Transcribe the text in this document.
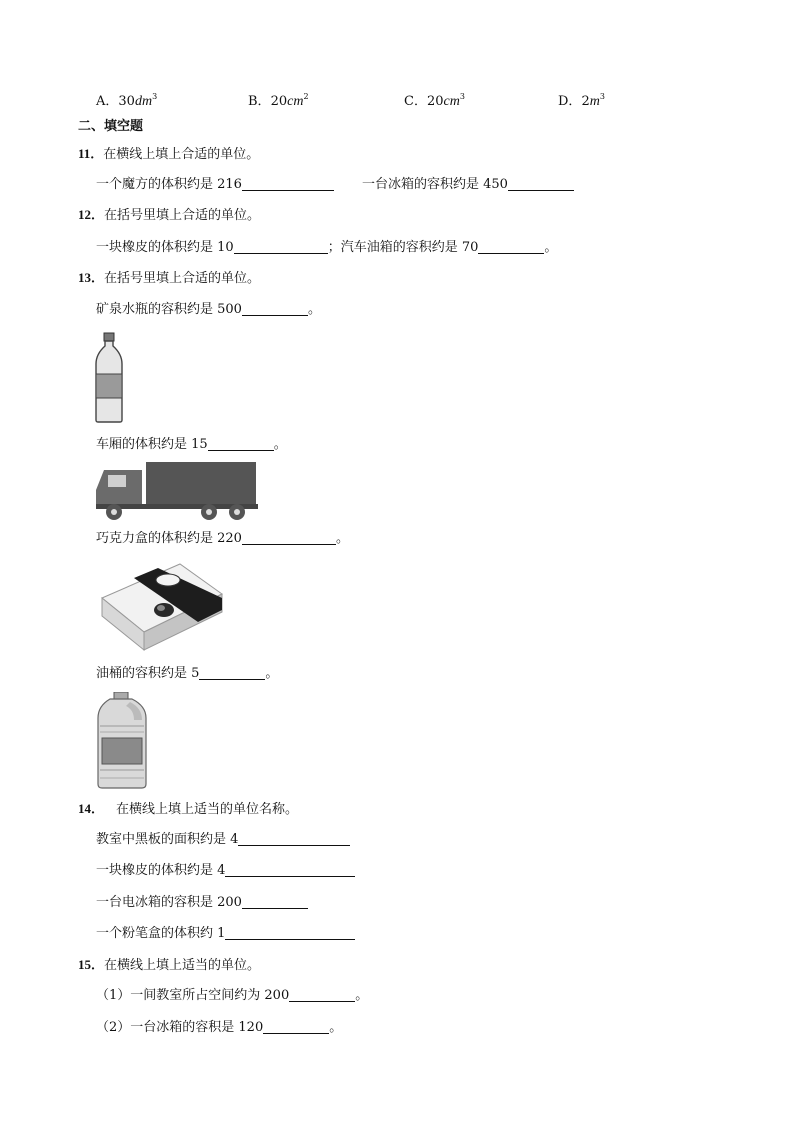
A．$30dm^3$	B．$20cm^2$	C．$20cm^3$	D．$2m^3$
二、填空题
11．在横线上填上合适的单位。
一个魔方的体积约是 216	一台冰箱的容积约是 450
12．在括号里填上合适的单位。
一块橡皮的体积约是 10	；汽车油箱的容积约是 70	。
13．在括号里填上合适的单位。
矿泉水瓶的容积约是 500	。
车厢的体积约是 15	。
巧克力盒的体积约是 220	。
油桶的容积约是 5	。
14． 在横线上填上适当的单位名称。
教室中黑板的面积约是 4
一块橡皮的体积约是 4
一台电冰箱的容积是 200
一个粉笔盒的体积约 1
15．在横线上填上适当的单位。
（1）一间教室所占空间约为 200	。
（2）一台冰箱的容积是 120	。
